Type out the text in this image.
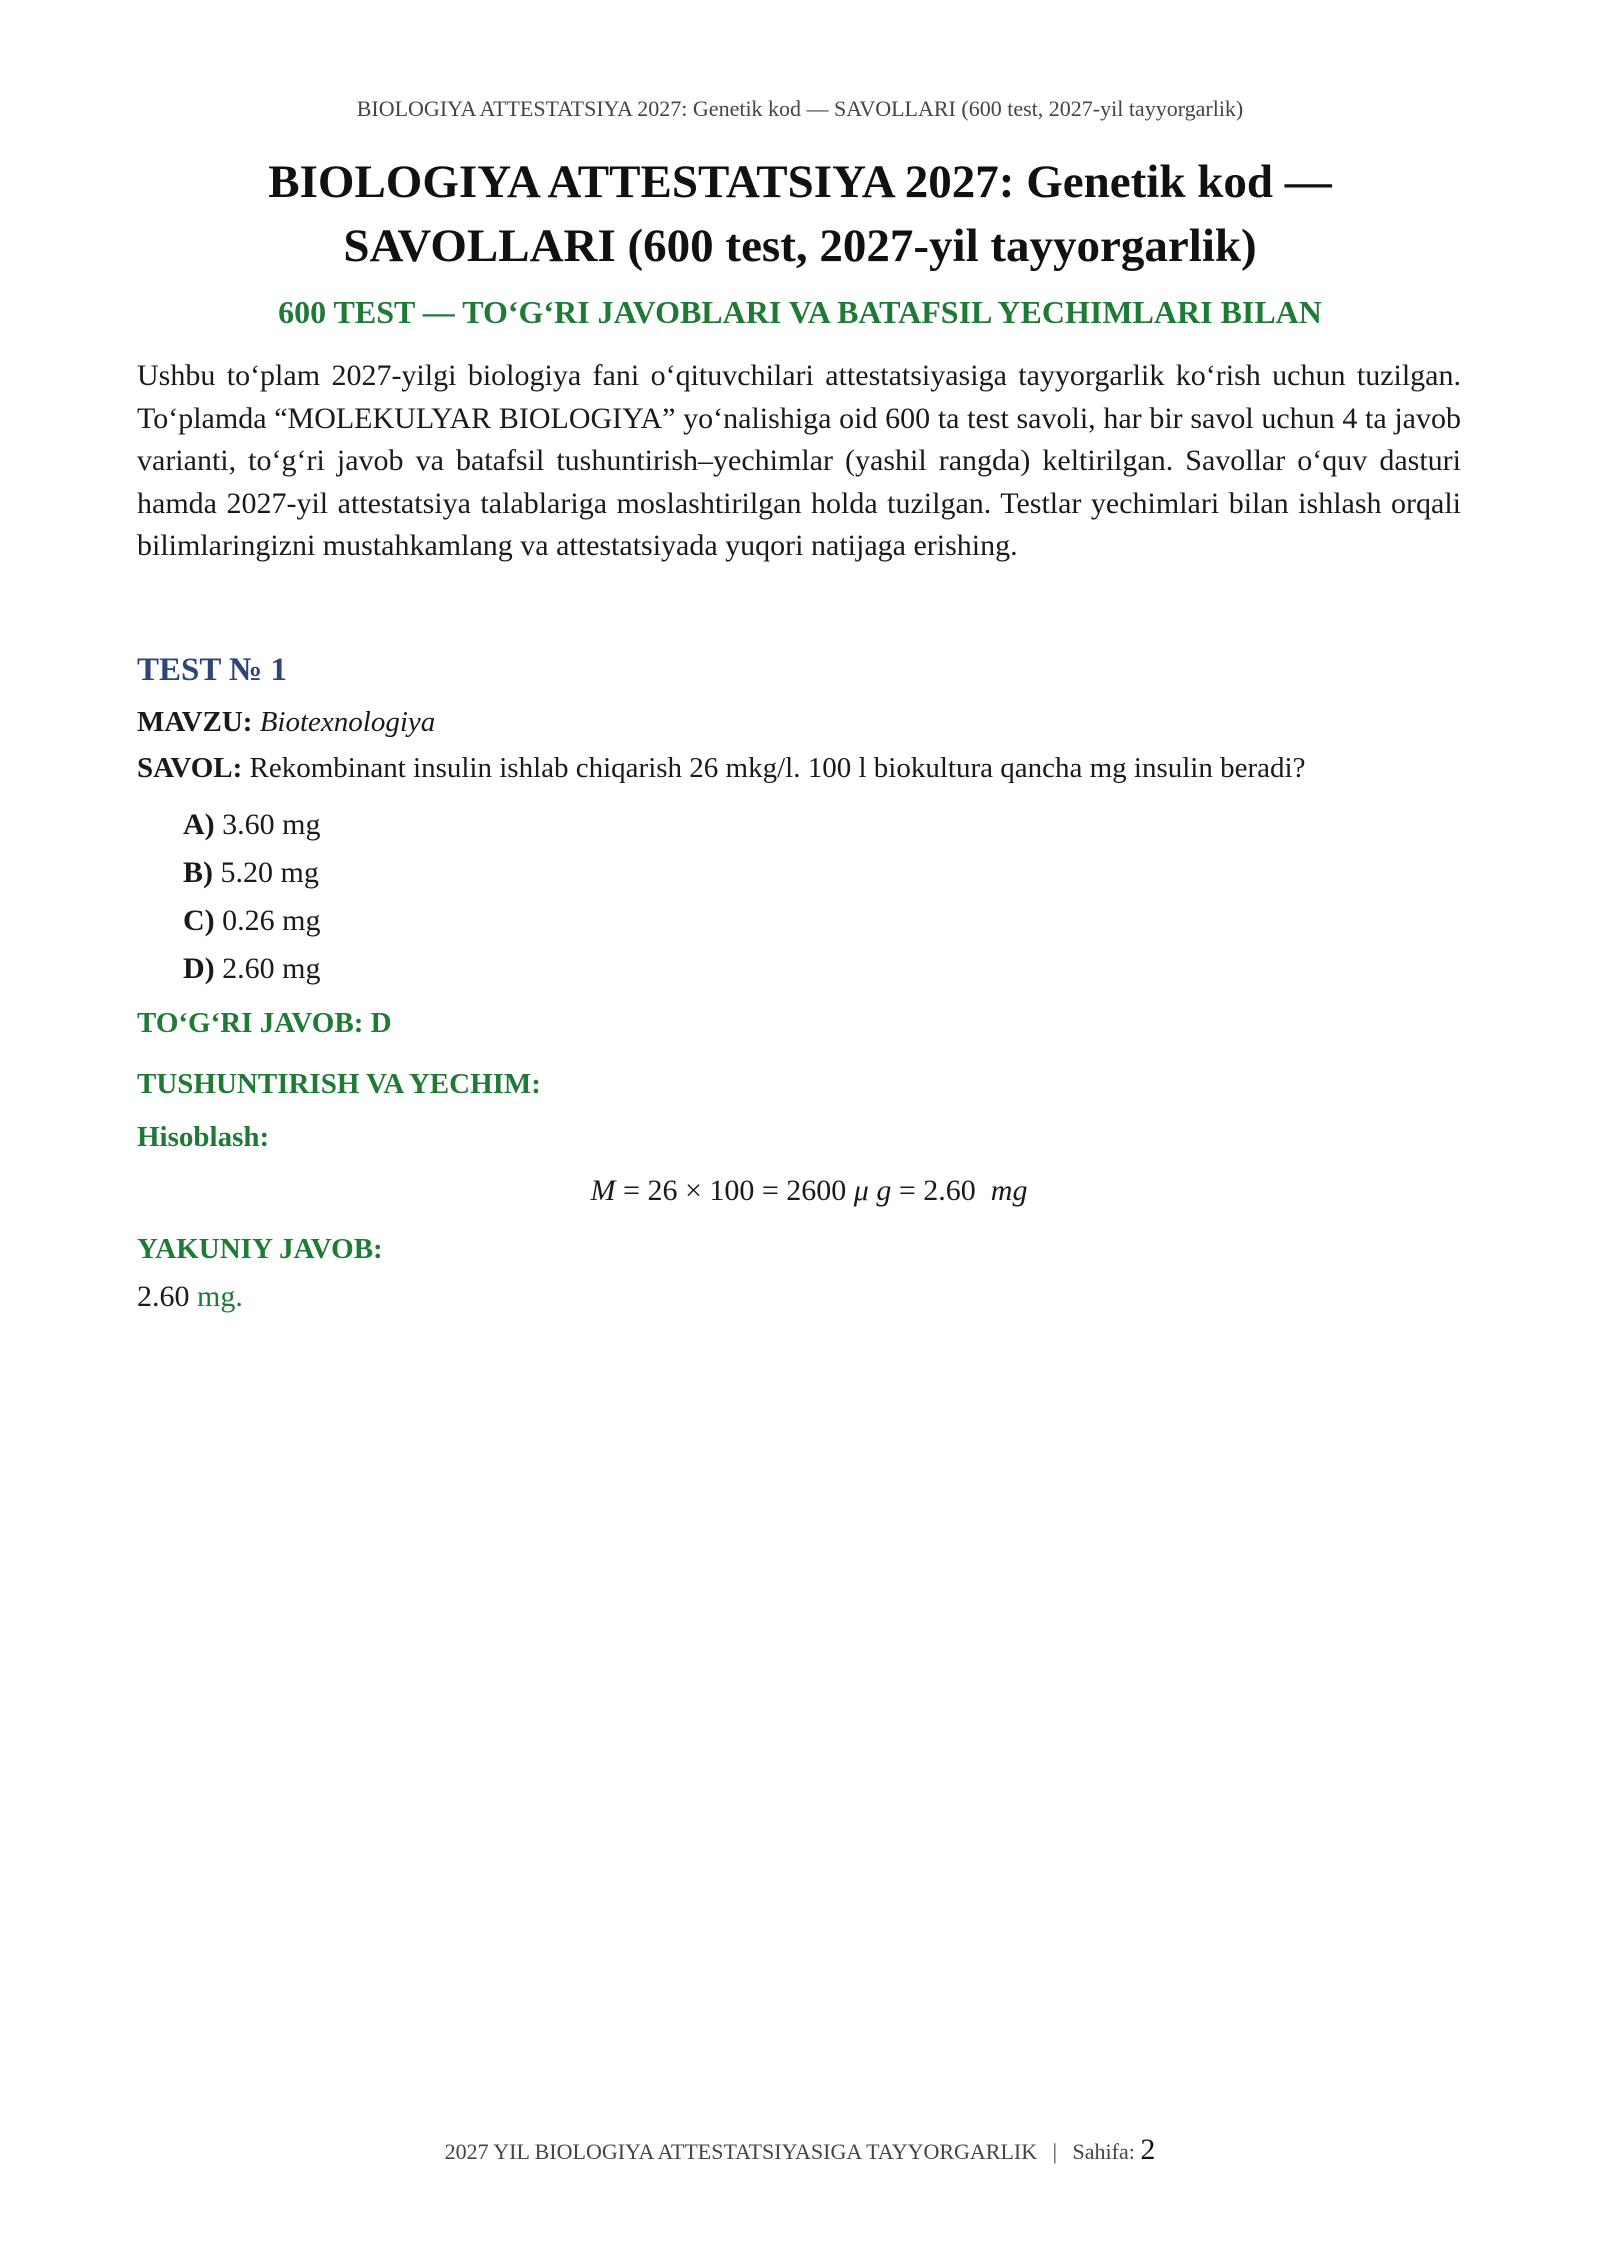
BIOLOGIYA ATTESTATSIYA 2027: Genetik kod — SAVOLLARI (600 test, 2027-yil tayyorgarlik)
BIOLOGIYA ATTESTATSIYA 2027: Genetik kod —
SAVOLLARI (600 test, 2027-yil tayyorgarlik)
600 TEST — TO‘G‘RI JAVOBLARI VA BATAFSIL YECHIMLARI BILAN

Ushbu to‘plam 2027-yilgi biologiya fani o‘qituvchilari attestatsiyasiga tayyorgarlik ko‘rish uchun tuzilgan. To‘plamda “MOLEKULYAR BIOLOGIYA” yo‘nalishiga oid 600 ta test savoli, har bir savol uchun 4 ta javob varianti, to‘g‘ri javob va batafsil tushuntirish–yechimlar (yashil rangda) keltirilgan. Savollar o‘quv dasturi hamda 2027-yil attestatsiya talablariga moslashtirilgan holda tuzilgan. Testlar yechimlari bilan ishlash orqali bilimlaringizni mustahkamlang va attestatsiyada yuqori natijaga erishing.

TEST № 1

MAVZU: Biotexnologiya

SAVOL: Rekombinant insulin ishlab chiqarish 26 mkg/l. 100 l biokultura qancha mg insulin beradi?

A) 3.60 mg
B) 5.20 mg
C) 0.26 mg
D) 2.60 mg

TO‘G‘RI JAVOB: D

TUSHUNTIRISH VA YECHIM:

Hisoblash:

M = 26 × 100 = 2600 μ g = 2.60 mg

YAKUNIY JAVOB:

2.60 mg.

2027 YIL BIOLOGIYA ATTESTATSIYASIGA TAYYORGARLIK | Sahifa: 2
